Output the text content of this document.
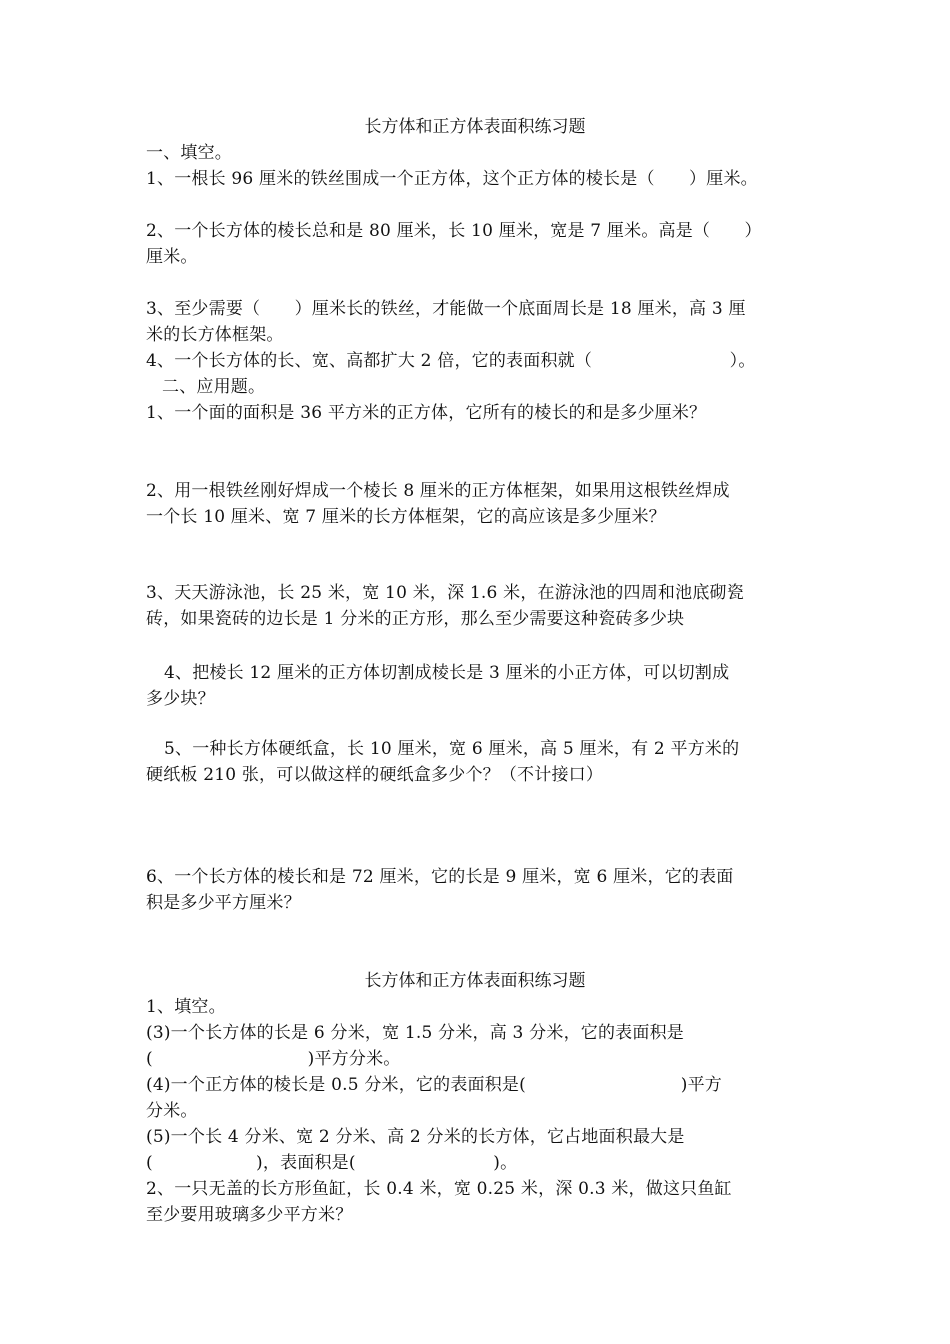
长方体和正方体表面积练习题
一、填空。
1、一根长 96 厘米的铁丝围成一个正方体，这个正方体的棱长是（　　）厘米。
2、一个长方体的棱长总和是 80 厘米，长 10 厘米，宽是 7 厘米。高是（　　）
厘米。
3、至少需要（　　）厘米长的铁丝，才能做一个底面周长是 18 厘米，高 3 厘
米的长方体框架。
4、一个长方体的长、宽、高都扩大 2 倍，它的表面积就（　　　　　　　　）。
二、应用题。
1、一个面的面积是 36 平方米的正方体，它所有的棱长的和是多少厘米？
2、用一根铁丝刚好焊成一个棱长 8 厘米的正方体框架，如果用这根铁丝焊成
一个长 10 厘米、宽 7 厘米的长方体框架，它的高应该是多少厘米？
3、天天游泳池，长 25 米，宽 10 米，深 1.6 米，在游泳池的四周和池底砌瓷
砖，如果瓷砖的边长是 1 分米的正方形，那么至少需要这种瓷砖多少块
4、把棱长 12 厘米的正方体切割成棱长是 3 厘米的小正方体，可以切割成
多少块？
5、一种长方体硬纸盒，长 10 厘米，宽 6 厘米，高 5 厘米，有 2 平方米的
硬纸板 210 张，可以做这样的硬纸盒多少个？（不计接口）
6、一个长方体的棱长和是 72 厘米，它的长是 9 厘米，宽 6 厘米，它的表面
积是多少平方厘米？
长方体和正方体表面积练习题
1、填空。
(3)一个长方体的长是 6 分米，宽 1.5 分米，高 3 分米，它的表面积是
(　　　　　　　　　)平方分米。
(4)一个正方体的棱长是 0.5 分米，它的表面积是(　　　　　　　　　)平方
分米。
(5)一个长 4 分米、宽 2 分米、高 2 分米的长方体，它占地面积最大是
(　　　　　　)，表面积是(　　　　　　　　)。
2、一只无盖的长方形鱼缸，长 0.4 米，宽 0.25 米，深 0.3 米，做这只鱼缸
至少要用玻璃多少平方米？
